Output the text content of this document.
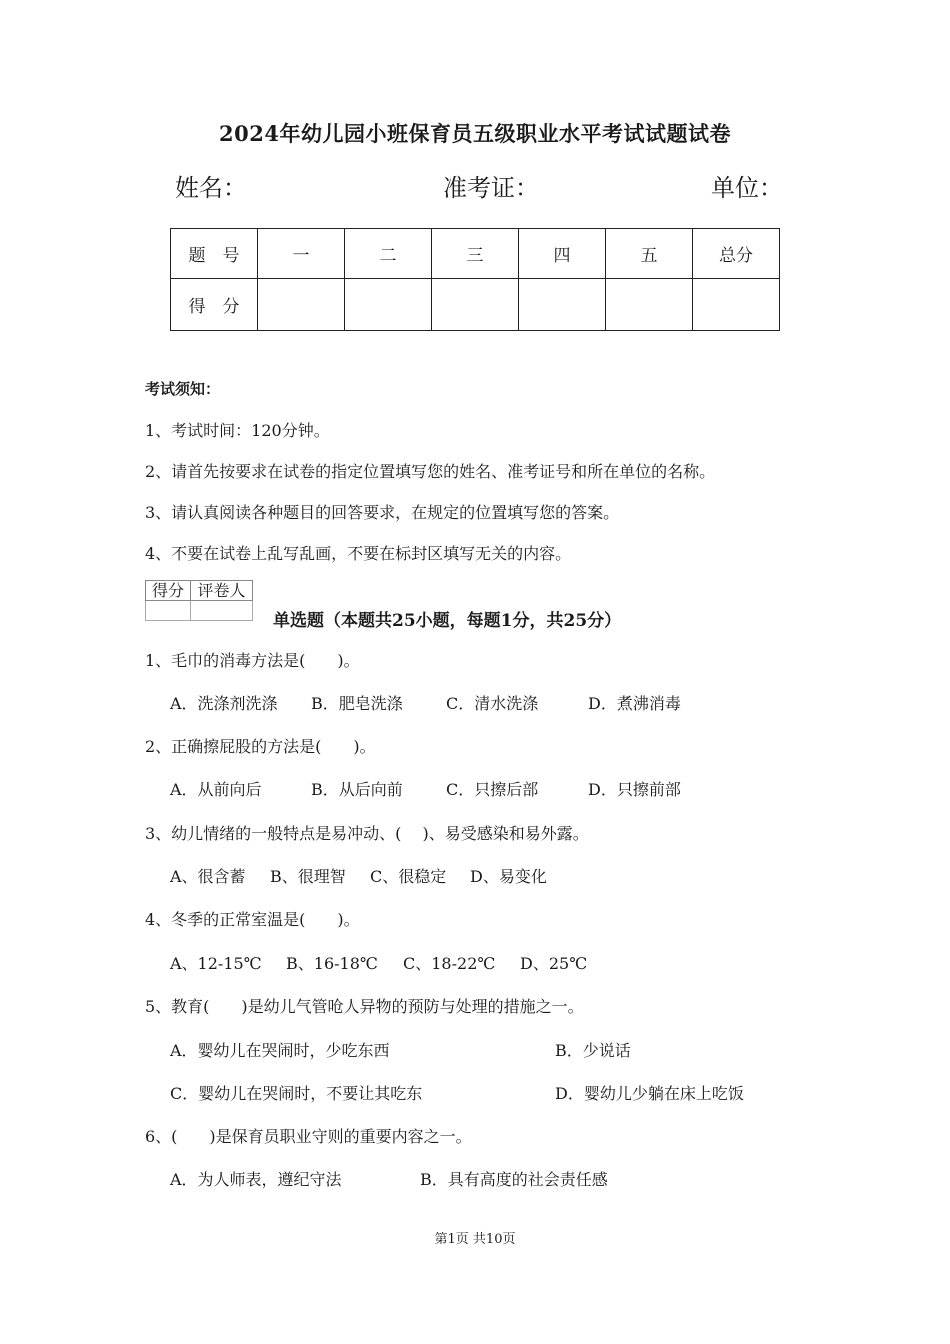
2024年幼儿园小班保育员五级职业水平考试试题试卷
姓名：	准考证：	单位：
题　号	一	二	三	四	五	总分
得　分						
考试须知：
1、考试时间：120分钟。
2、请首先按要求在试卷的指定位置填写您的姓名、准考证号和所在单位的名称。
3、请认真阅读各种题目的回答要求，在规定的位置填写您的答案。
4、不要在试卷上乱写乱画，不要在标封区填写无关的内容。
得分	评卷人

单选题（本题共25小题，每题1分，共25分）
1、毛巾的消毒方法是(　　)。
A．洗涤剂洗涤 B．肥皂洗涤	C．清水洗涤	D．煮沸消毒
2、正确擦屁股的方法是(　　)。
A．从前向后	B．从后向前	C．只擦后部	D．只擦前部
3、幼儿情绪的一般特点是易冲动、(　 )、易受感染和易外露。
A、很含蓄 B、很理智 C、很稳定 D、易变化
4、冬季的正常室温是(　　)。
A、12-15℃ B、16-18℃ C、18-22℃ D、25℃
5、教育(　　)是幼儿气管呛人异物的预防与处理的措施之一。
A．婴幼儿在哭闹时，少吃东西	B．少说话
C．婴幼儿在哭闹时，不要让其吃东	D．婴幼儿少躺在床上吃饭
6、(　　)是保育员职业守则的重要内容之一。
A．为人师表，遵纪守法	B．具有高度的社会责任感
第1页 共10页
